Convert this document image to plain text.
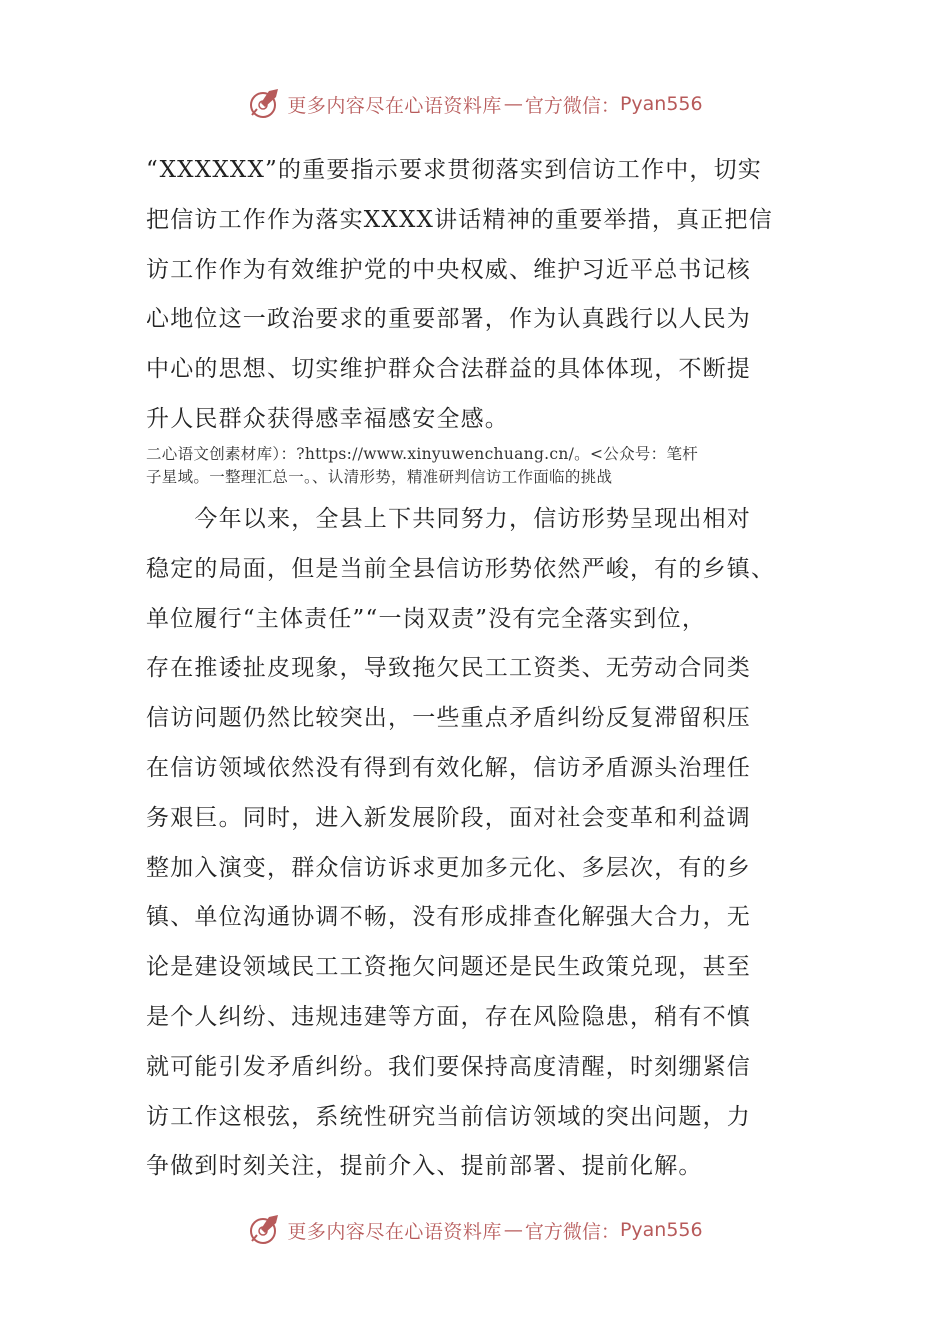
更多内容尽在心语资料库 — 官方微信： Pyan556

“XXXXXX”的重要指示要求贯彻落实到信访工作中，切实
把信访工作作为落实XXXX讲话精神的重要举措，真正把信
访工作作为有效维护党的中央权威、维护习近平总书记核
心地位这一政治要求的重要部署，作为认真践行以人民为
中心的思想、切实维护群众合法群益的具体体现，不断提
升人民群众获得感幸福感安全感。

二心语文创素材库）：?https://www.xinyuwenchuang.cn/。<公众号：笔杆
子星域。一整理汇总一。、认清形势，精准研判信访工作面临的挑战

　　今年以来，全县上下共同努力，信访形势呈现出相对
稳定的局面，但是当前全县信访形势依然严峻，有的乡镇、
单位履行“主体责任”“一岗双责”没有完全落实到位，
存在推诿扯皮现象，导致拖欠民工工资类、无劳动合同类
信访问题仍然比较突出，一些重点矛盾纠纷反复滞留积压
在信访领域依然没有得到有效化解，信访矛盾源头治理任
务艰巨。同时，进入新发展阶段，面对社会变革和利益调
整加入演变，群众信访诉求更加多元化、多层次，有的乡
镇、单位沟通协调不畅，没有形成排查化解强大合力，无
论是建设领域民工工资拖欠问题还是民生政策兑现，甚至
是个人纠纷、违规违建等方面，存在风险隐患，稍有不慎
就可能引发矛盾纠纷。我们要保持高度清醒，时刻绷紧信
访工作这根弦，系统性研究当前信访领域的突出问题，力
争做到时刻关注，提前介入、提前部署、提前化解。

更多内容尽在心语资料库 — 官方微信： Pyan556
